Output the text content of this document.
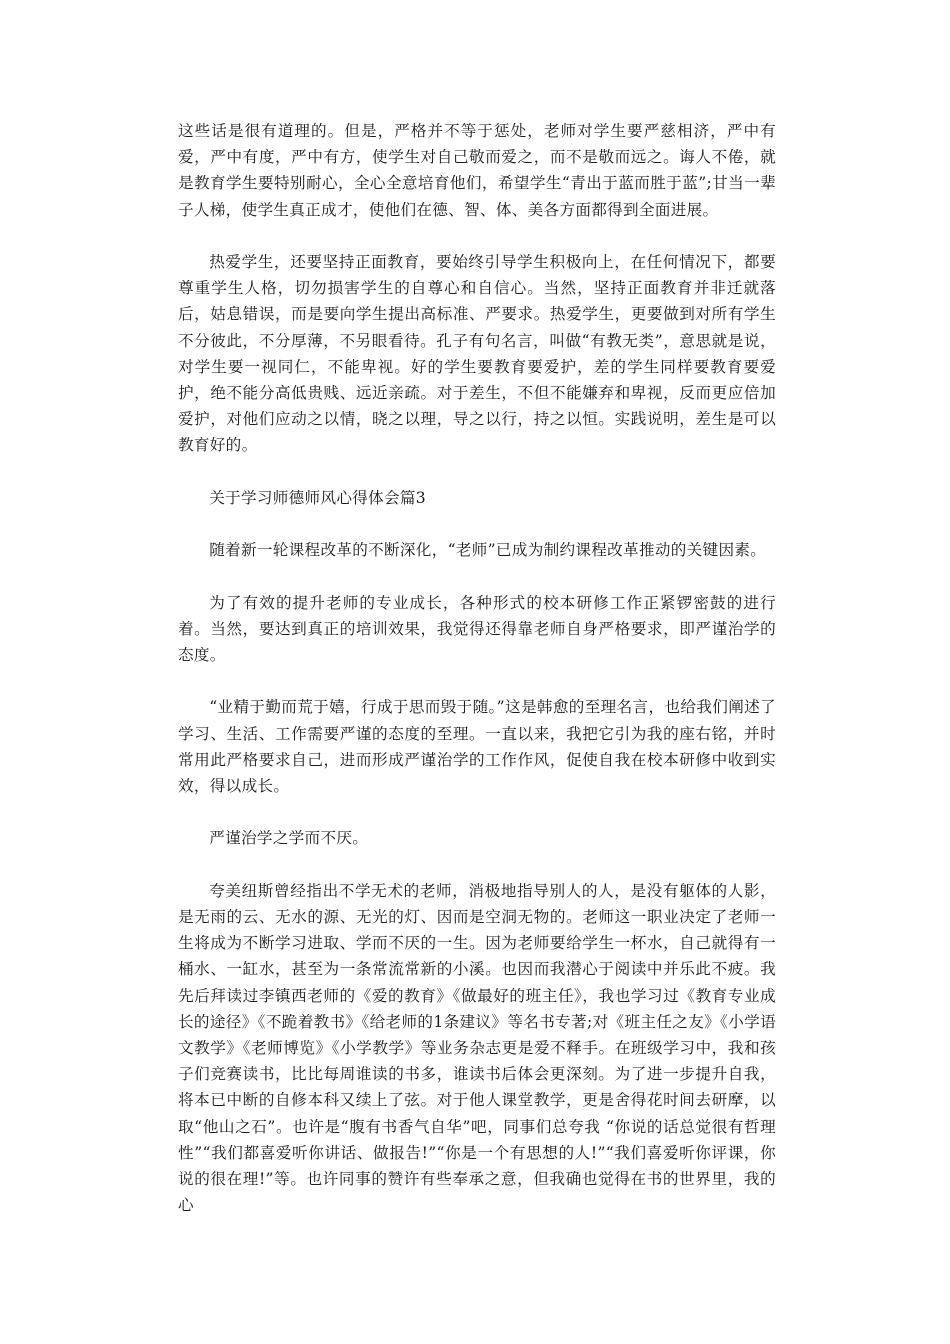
这些话是很有道理的。但是，严格并不等于惩处，老师对学生要严慈相济，严中有爱，严中有度，严中有方，使学生对自己敬而爱之，而不是敬而远之。诲人不倦，就是教育学生要特别耐心，全心全意培育他们，希望学生“青出于蓝而胜于蓝”;甘当一辈子人梯，使学生真正成才，使他们在德、智、体、美各方面都得到全面进展。

热爱学生，还要坚持正面教育，要始终引导学生积极向上，在任何情况下，都要尊重学生人格，切勿损害学生的自尊心和自信心。当然，坚持正面教育并非迁就落后，姑息错误，而是要向学生提出高标准、严要求。热爱学生，更要做到对所有学生不分彼此，不分厚薄，不另眼看待。孔子有句名言，叫做“有教无类”，意思就是说，对学生要一视同仁，不能卑视。好的学生要教育要爱护，差的学生同样要教育要爱护，绝不能分高低贵贱、远近亲疏。对于差生，不但不能嫌弃和卑视，反而更应倍加爱护，对他们应动之以情，晓之以理，导之以行，持之以恒。实践说明，差生是可以教育好的。

关于学习师德师风心得体会篇3

随着新一轮课程改革的不断深化，“老师”已成为制约课程改革推动的关键因素。

为了有效的提升老师的专业成长，各种形式的校本研修工作正紧锣密鼓的进行着。当然，要达到真正的培训效果，我觉得还得靠老师自身严格要求，即严谨治学的态度。

“业精于勤而荒于嬉，行成于思而毁于随。”这是韩愈的至理名言，也给我们阐述了学习、生活、工作需要严谨的态度的至理。一直以来，我把它引为我的座右铭，并时常用此严格要求自己，进而形成严谨治学的工作作风，促使自我在校本研修中收到实效，得以成长。

严谨治学之学而不厌。

夸美纽斯曾经指出不学无术的老师，消极地指导别人的人，是没有躯体的人影，是无雨的云、无水的源、无光的灯、因而是空洞无物的。老师这一职业决定了老师一生将成为不断学习进取、学而不厌的一生。因为老师要给学生一杯水，自己就得有一桶水、一缸水，甚至为一条常流常新的小溪。也因而我潜心于阅读中并乐此不疲。我先后拜读过李镇西老师的《爱的教育》《做最好的班主任》，我也学习过《教育专业成长的途径》《不跪着教书》《给老师的1条建议》等名书专著;对《班主任之友》《小学语文教学》《老师博览》《小学教学》等业务杂志更是爱不释手。在班级学习中，我和孩子们竞赛读书，比比每周谁读的书多，谁读书后体会更深刻。为了进一步提升自我，将本已中断的自修本科又续上了弦。对于他人课堂教学，更是舍得花时间去研摩，以取“他山之石”。也许是“腹有书香气自华”吧，同事们总夸我 “你说的话总觉很有哲理性”“我们都喜爱听你讲话、做报告!”“你是一个有思想的人!”“我们喜爱听你评课，你说的很在理!”等。也许同事的赞许有些奉承之意，但我确也觉得在书的世界里，我的心
